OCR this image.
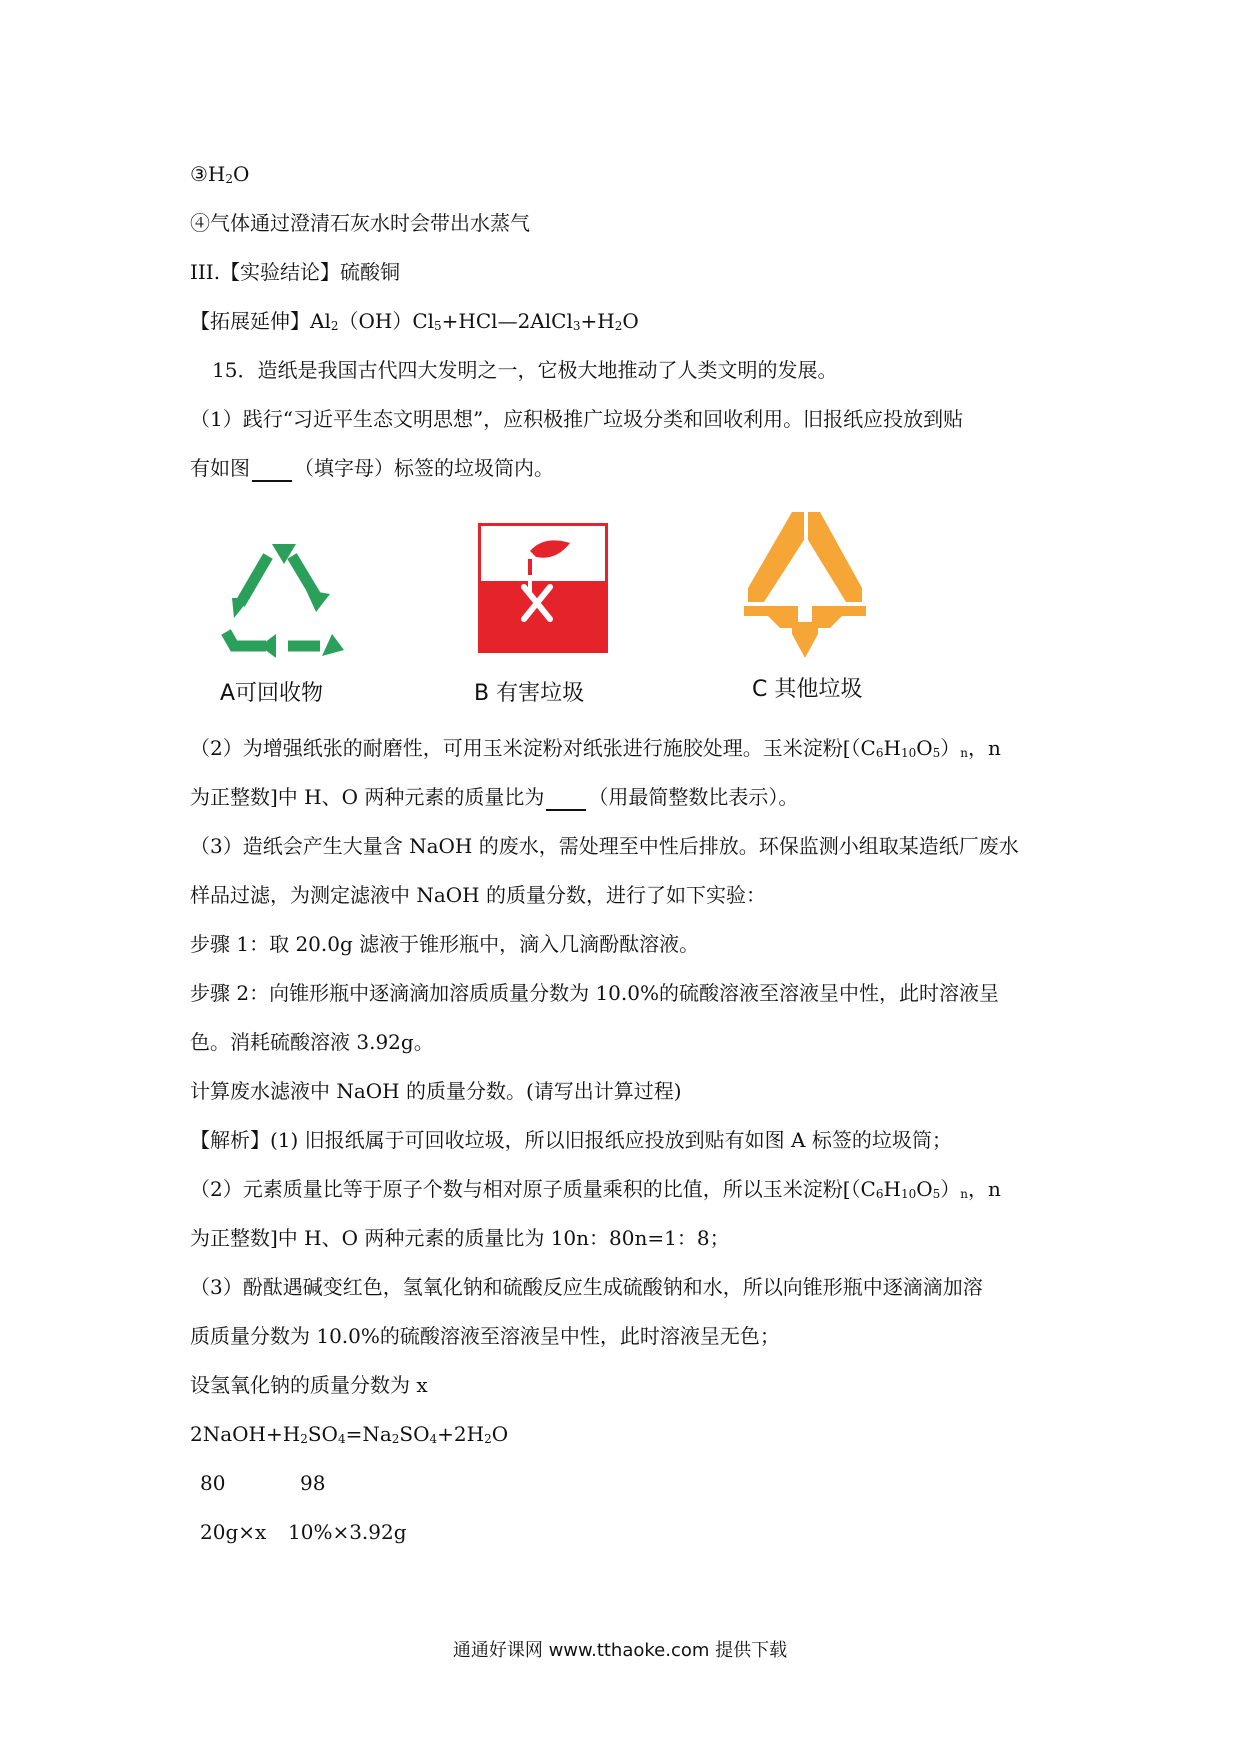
$③H_2O$
④气体通过澄清石灰水时会带出水蒸气
III.【实验结论】硫酸铜
【拓展延伸】$Al_2(OH)Cl_5+HCl—2AlCl_3+H_2O$
15．造纸是我国古代四大发明之一，它极大地推动了人类文明的发展。
（1）践行“习近平生态文明思想”，应积极推广垃圾分类和回收利用。旧报纸应投放到贴
有如图 （填字母）标签的垃圾筒内。
A可回收物	B 有害垃圾	C 其他垃圾
（2）为增强纸张的耐磨性，可用玉米淀粉对纸张进行施胶处理。玉米淀粉[$(C_6H_{10}O_5)_n$，n
为正整数]中 H、O 两种元素的质量比为 （用最简整数比表示）。
（3）造纸会产生大量含 NaOH 的废水，需处理至中性后排放。环保监测小组取某造纸厂废水
样品过滤，为测定滤液中 NaOH 的质量分数，进行了如下实验：
步骤 1：取 20.0g 滤液于锥形瓶中，滴入几滴酚酞溶液。
步骤 2：向锥形瓶中逐滴滴加溶质质量分数为 10.0%的硫酸溶液至溶液呈中性，此时溶液呈
色。消耗硫酸溶液 3.92g。
计算废水滤液中 NaOH 的质量分数。(请写出计算过程)
【解析】(1) 旧报纸属于可回收垃圾，所以旧报纸应投放到贴有如图 A 标签的垃圾筒；
（2）元素质量比等于原子个数与相对原子质量乘积的比值，所以玉米淀粉[$(C_6H_{10}O_5)_n$，n
为正整数]中 H、O 两种元素的质量比为 10n：80n=1：8；
（3）酚酞遇碱变红色，氢氧化钠和硫酸反应生成硫酸钠和水，所以向锥形瓶中逐滴滴加溶
质质量分数为 10.0%的硫酸溶液至溶液呈中性，此时溶液呈无色；
设氢氧化钠的质量分数为 x
$2NaOH+H_2SO_4=Na_2SO_4+2H_2O$
80	98
20g×x 10%×3.92g
通通好课网 www.tthaoke.com 提供下载
